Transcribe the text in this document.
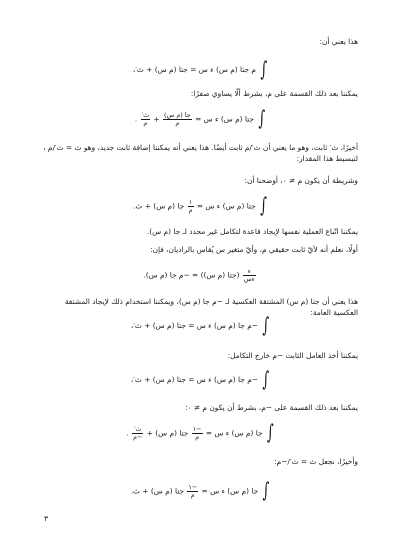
هذا يعني أن:
∫ م جتا (م س) ء س = جتا (م س) + ث′،
يمكننا بعد ذلك القسمة على م، بشرط ألّا يساوي صفرًا:
∫ جتا (م س) ء س =
$\frac{\text{جا (م س)}}{\text{م}}$
+
$\frac{\text{ث′}}{\text{م}}$
.
أخيرًا، ث′ ثابت، وهو ما يعني أن ث′/م ثابت أيضًا. هذا يعني أنه يمكننا إضافة ثابت جديد، وهو ث = ث′/م ، لتبسيط هذا المقدار:
وشريطة أن يكون م ≠ ٠، أوضحنا أن:
∫ جتا (م س) ء س =
$\frac{١}{\text{م}}$
جا (م س) + ث.
يمكننا اتّباع العملية نفسها لإيجاد قاعدة لتكامل غير محدد لـ جا (م س).
أولًا، نعلم أنه لأيّ ثابت حقيقي م، وأيّ متغير س يُقاس بالراديان، فإن:
$\frac{\text{ء}}{\text{ءس}}$
(جتا (م س)) = −م جا (م س).
هذا يعني أن جتا (م س) المشتقة العكسية لـ −م جا (م س)، ويمكننا استخدام ذلك لإيجاد المشتقة العكسية العامة:
∫ −م جا (م س) ء س = جتا (م س) + ث′،
يمكننا أخذ العامل الثابت −م خارج التكامل:
∫ −م جا (م س) ء س = جتا (م س) + ث′،
يمكننا بعد ذلك القسمة على −م، بشرط أن يكون م ≠ ٠:
∫ جا (م س) ء س =
$\frac{-١}{\text{م}}$
جتا (م س) +
$\frac{\text{ث′}}{\text{−م}}$
.
وأخيرًا، نجعل ث = ث′/−م:
∫ جا (م س) ء س =
$\frac{-١}{\text{م}}$
جتا (م س) + ث.
٣
